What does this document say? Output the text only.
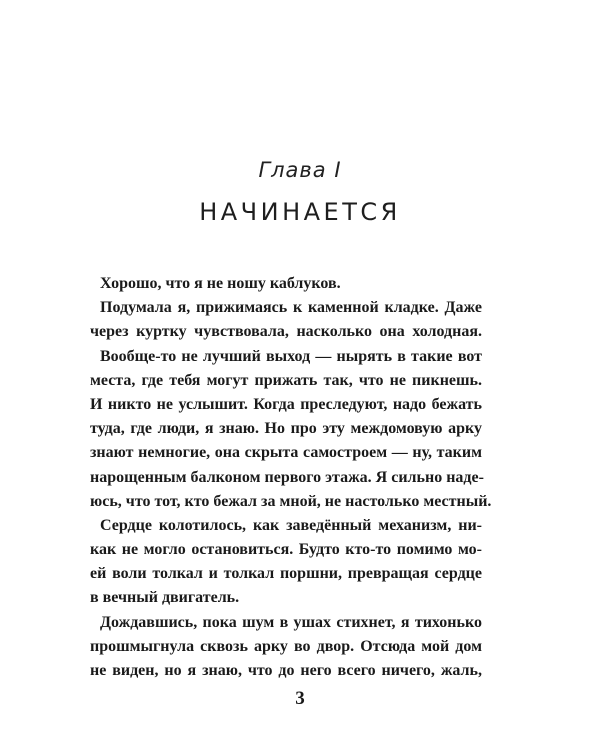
Глава I
НАЧИНАЕТСЯ
Хорошо, что я не ношу каблуков.
Подумала я, прижимаясь к каменной кладке. Даже
через куртку чувствовала, насколько она холодная.
Вообще-то не лучший выход — нырять в такие вот
места, где тебя могут прижать так, что не пикнешь.
И никто не услышит. Когда преследуют, надо бежать
туда, где люди, я знаю. Но про эту междомовую арку
знают немногие, она скрыта самостроем — ну, таким
нарощенным балконом первого этажа. Я сильно наде-
юсь, что тот, кто бежал за мной, не настолько местный.
Сердце колотилось, как заведённый механизм, ни-
как не могло остановиться. Будто кто-то помимо мо-
ей воли толкал и толкал поршни, превращая сердце
в вечный двигатель.
Дождавшись, пока шум в ушах стихнет, я тихонько
прошмыгнула сквозь арку во двор. Отсюда мой дом
не виден, но я знаю, что до него всего ничего, жаль,
3
